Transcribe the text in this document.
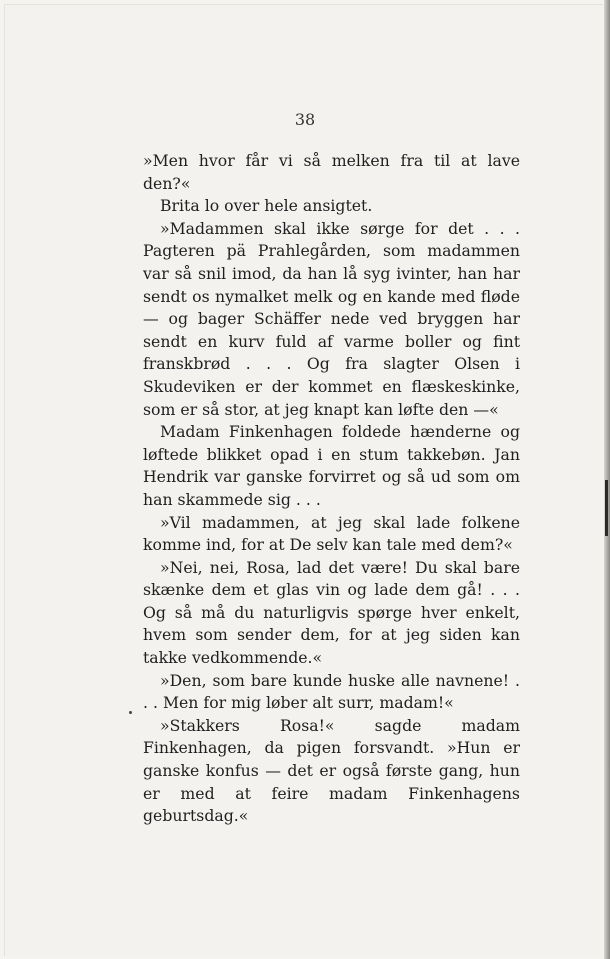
38

»Men hvor får vi så melken fra til at lave den?«

Brita lo over hele ansigtet.

»Madammen skal ikke sørge for det . . . Pagteren pä Prahlegården, som madammen var så snil imod, da han lå syg ivinter, han har sendt os nymalket melk og en kande med fløde — og bager Schäffer nede ved bryggen har sendt en kurv fuld af varme boller og fint franskbrød . . . Og fra slagter Olsen i Skudeviken er der kommet en flæskeskinke, som er så stor, at jeg knapt kan løfte den —«

Madam Finkenhagen foldede hænderne og løftede blikket opad i en stum takkebøn. Jan Hendrik var ganske forvirret og så ud som om han skammede sig . . .

»Vil madammen, at jeg skal lade folkene komme ind, for at De selv kan tale med dem?«

»Nei, nei, Rosa, lad det være! Du skal bare skænke dem et glas vin og lade dem gå! . . . Og så må du naturligvis spørge hver enkelt, hvem som sender dem, for at jeg siden kan takke vedkommende.«

»Den, som bare kunde huske alle navnene! . . . Men for mig løber alt surr, madam!«

»Stakkers Rosa!« sagde madam Finkenhagen, da pigen forsvandt. »Hun er ganske konfus — det er også første gang, hun er med at feire madam Finkenhagens geburtsdag.«
